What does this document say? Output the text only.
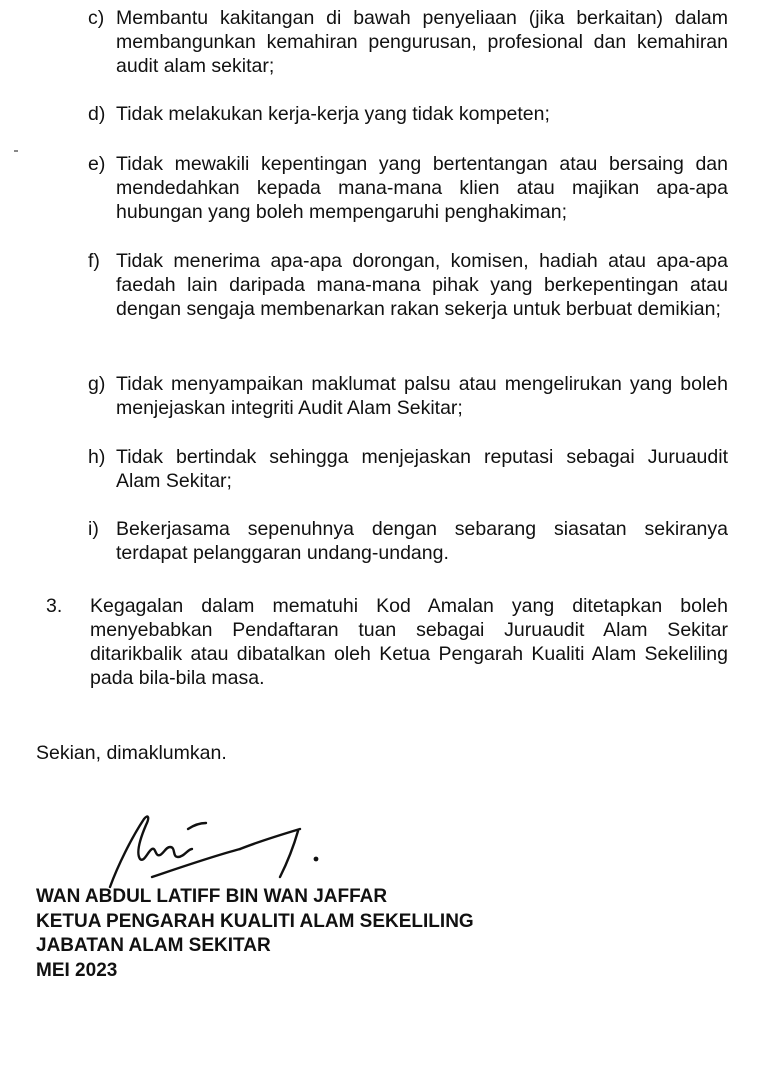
c) Membantu kakitangan di bawah penyeliaan (jika berkaitan) dalam membangunkan kemahiran pengurusan, profesional dan kemahiran audit alam sekitar;
d) Tidak melakukan kerja-kerja yang tidak kompeten;
e) Tidak mewakili kepentingan yang bertentangan atau bersaing dan mendedahkan kepada mana-mana klien atau majikan apa-apa hubungan yang boleh mempengaruhi penghakiman;
f) Tidak menerima apa-apa dorongan, komisen, hadiah atau apa-apa faedah lain daripada mana-mana pihak yang berkepentingan atau dengan sengaja membenarkan rakan sekerja untuk berbuat demikian;
g) Tidak menyampaikan maklumat palsu atau mengelirukan yang boleh menjejaskan integriti Audit Alam Sekitar;
h) Tidak bertindak sehingga menjejaskan reputasi sebagai Juruaudit Alam Sekitar;
i) Bekerjasama sepenuhnya dengan sebarang siasatan sekiranya terdapat pelanggaran undang-undang.
3. Kegagalan dalam mematuhi Kod Amalan yang ditetapkan boleh menyebabkan Pendaftaran tuan sebagai Juruaudit Alam Sekitar ditarikbalik atau dibatalkan oleh Ketua Pengarah Kualiti Alam Sekeliling pada bila-bila masa.
Sekian, dimaklumkan.
WAN ABDUL LATIFF BIN WAN JAFFAR
KETUA PENGARAH KUALITI ALAM SEKELILING
JABATAN ALAM SEKITAR
MEI 2023
